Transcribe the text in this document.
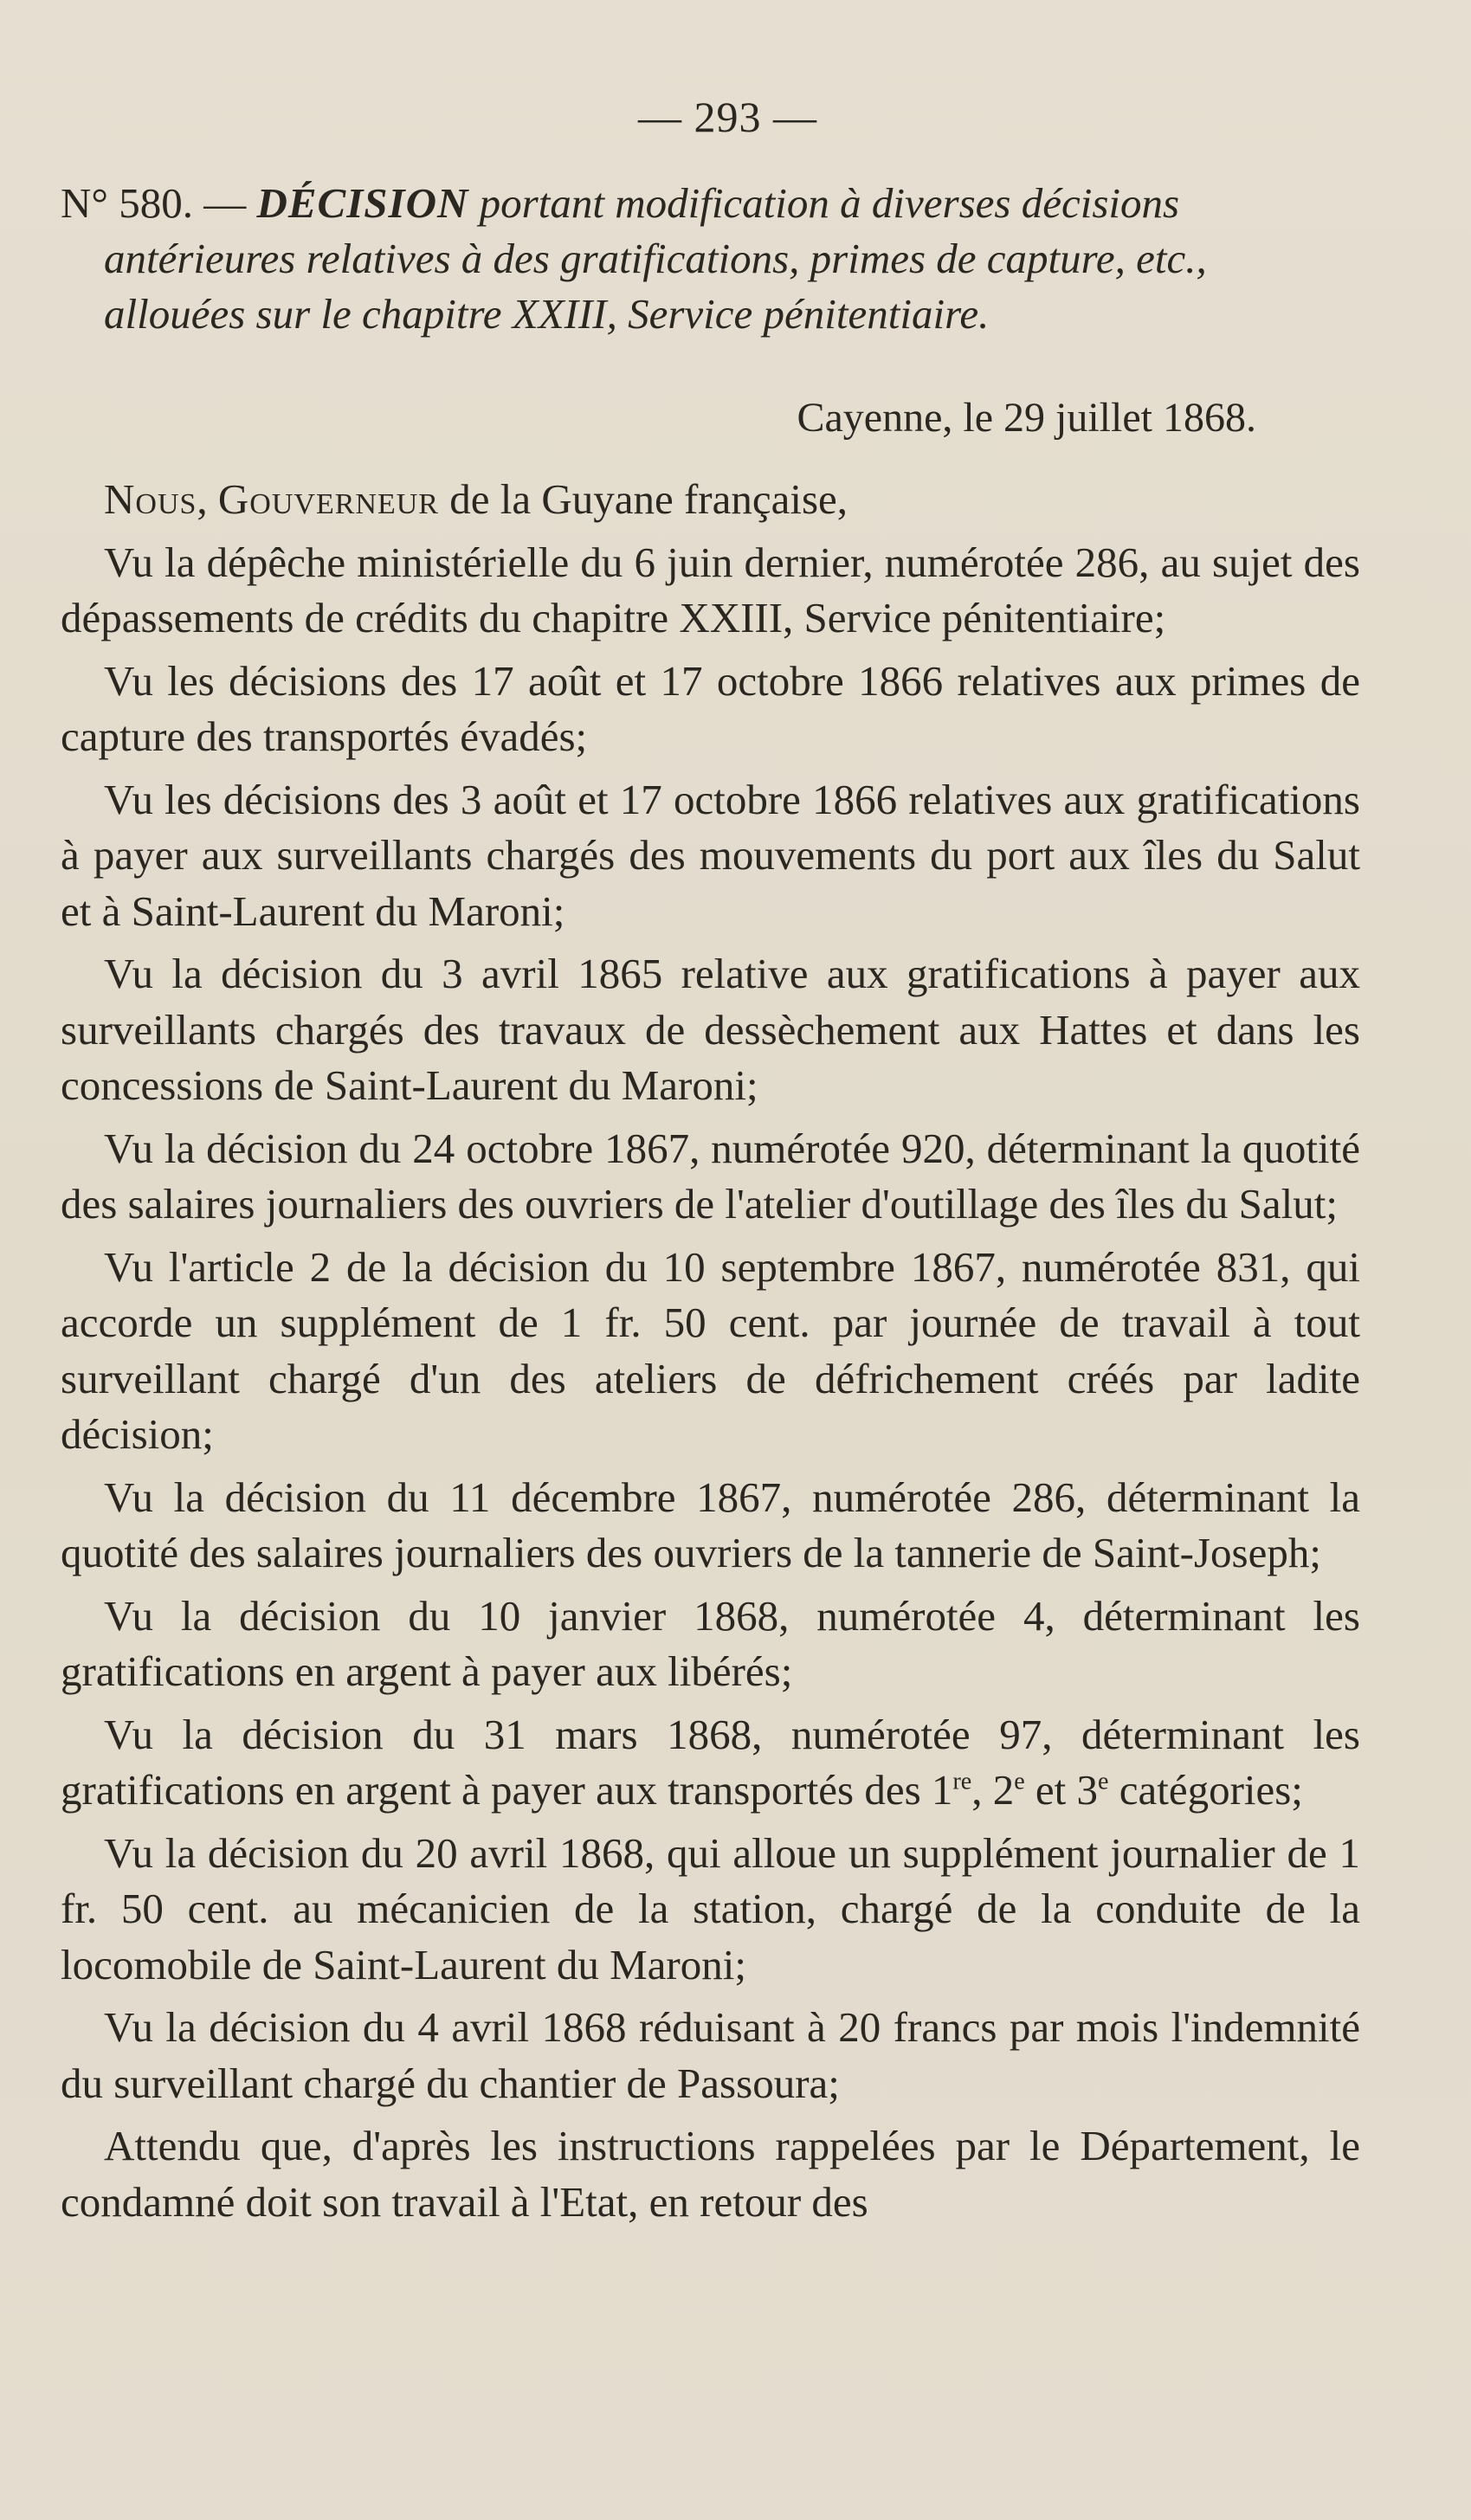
— 293 —
N° 580. — DÉCISION portant modification à diverses décisions
antérieures relatives à des gratifications, primes de capture, etc.,
allouées sur le chapitre XXIII, Service pénitentiaire.
Cayenne, le 29 juillet 1868.

Nous, Gouverneur de la Guyane française,

Vu la dépêche ministérielle du 6 juin dernier, numérotée 286, au sujet des dépassements de crédits du chapitre XXIII, Service pénitentiaire;

Vu les décisions des 17 août et 17 octobre 1866 relatives aux primes de capture des transportés évadés;

Vu les décisions des 3 août et 17 octobre 1866 relatives aux gratifications à payer aux surveillants chargés des mouvements du port aux îles du Salut et à Saint-Laurent du Maroni;

Vu la décision du 3 avril 1865 relative aux gratifications à payer aux surveillants chargés des travaux de dessèchement aux Hattes et dans les concessions de Saint-Laurent du Maroni;

Vu la décision du 24 octobre 1867, numérotée 920, déterminant la quotité des salaires journaliers des ouvriers de l'atelier d'outillage des îles du Salut;

Vu l'article 2 de la décision du 10 septembre 1867, numérotée 831, qui accorde un supplément de 1 fr. 50 cent. par journée de travail à tout surveillant chargé d'un des ateliers de défrichement créés par ladite décision;

Vu la décision du 11 décembre 1867, numérotée 286, déterminant la quotité des salaires journaliers des ouvriers de la tannerie de Saint-Joseph;

Vu la décision du 10 janvier 1868, numérotée 4, déterminant les gratifications en argent à payer aux libérés;

Vu la décision du 31 mars 1868, numérotée 97, déterminant les gratifications en argent à payer aux transportés des 1re, 2e et 3e catégories;

Vu la décision du 20 avril 1868, qui alloue un supplément journalier de 1 fr. 50 cent. au mécanicien de la station, chargé de la conduite de la locomobile de Saint-Laurent du Maroni;

Vu la décision du 4 avril 1868 réduisant à 20 francs par mois l'indemnité du surveillant chargé du chantier de Passoura;

Attendu que, d'après les instructions rappelées par le Département, le condamné doit son travail à l'Etat, en retour des
